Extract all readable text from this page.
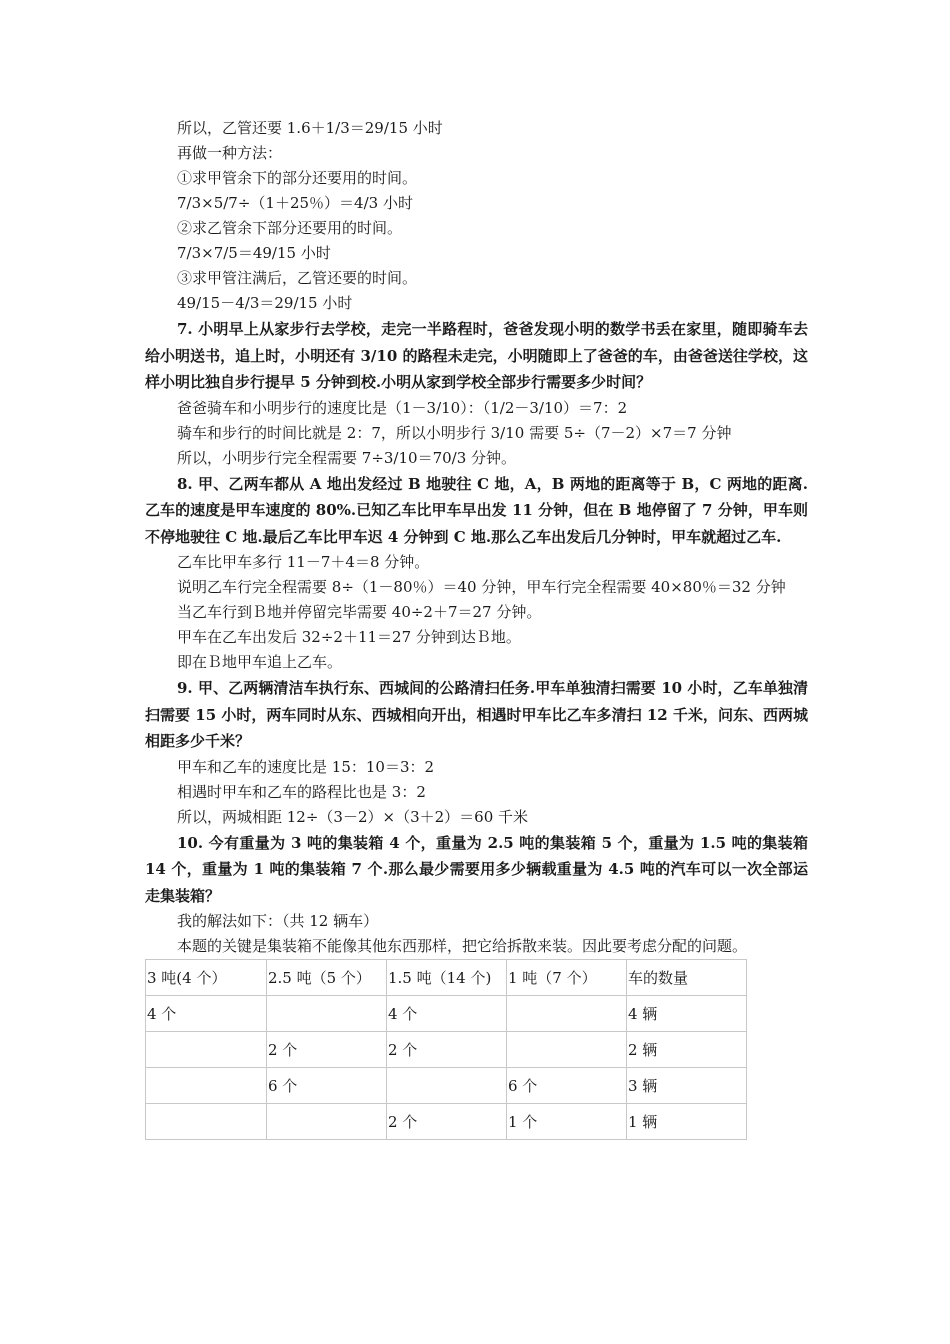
所以，乙管还要 1.6＋1/3＝29/15 小时
再做一种方法：
①求甲管余下的部分还要用的时间。
7/3×5/7÷（1＋25％）＝4/3 小时
②求乙管余下部分还要用的时间。
7/3×7/5＝49/15 小时
③求甲管注满后，乙管还要的时间。
49/15－4/3＝29/15 小时
7. 小明早上从家步行去学校，走完一半路程时，爸爸发现小明的数学书丢在家里，随即骑车去给小明送书，追上时，小明还有 3/10 的路程未走完，小明随即上了爸爸的车，由爸爸送往学校，这样小明比独自步行提早 5 分钟到校.小明从家到学校全部步行需要多少时间？
爸爸骑车和小明步行的速度比是（1－3/10）：（1/2－3/10）＝7：2
骑车和步行的时间比就是 2：7，所以小明步行 3/10 需要 5÷（7－2）×7＝7 分钟
所以，小明步行完全程需要 7÷3/10＝70/3 分钟。
8. 甲、乙两车都从 A 地出发经过 B 地驶往 C 地，A，B 两地的距离等于 B，C 两地的距离.乙车的速度是甲车速度的 80%.已知乙车比甲车早出发 11 分钟，但在 B 地停留了 7 分钟，甲车则不停地驶往 C 地.最后乙车比甲车迟 4 分钟到 C 地.那么乙车出发后几分钟时，甲车就超过乙车.
乙车比甲车多行 11－7＋4＝8 分钟。
说明乙车行完全程需要 8÷（1－80％）＝40 分钟，甲车行完全程需要 40×80％＝32 分钟
当乙车行到Ｂ地并停留完毕需要 40÷2＋7＝27 分钟。
甲车在乙车出发后 32÷2＋11＝27 分钟到达Ｂ地。
即在Ｂ地甲车追上乙车。
9. 甲、乙两辆清洁车执行东、西城间的公路清扫任务.甲车单独清扫需要 10 小时，乙车单独清扫需要 15 小时，两车同时从东、西城相向开出，相遇时甲车比乙车多清扫 12 千米，问东、西两城相距多少千米？
甲车和乙车的速度比是 15：10＝3：2
相遇时甲车和乙车的路程比也是 3：2
所以，两城相距 12÷（3－2）×（3＋2）＝60 千米
10. 今有重量为 3 吨的集装箱 4 个，重量为 2.5 吨的集装箱 5 个，重量为 1.5 吨的集装箱 14 个，重量为 1 吨的集装箱 7 个.那么最少需要用多少辆载重量为 4.5 吨的汽车可以一次全部运走集装箱？
我的解法如下：（共 12 辆车）
本题的关键是集装箱不能像其他东西那样，把它给拆散来装。因此要考虑分配的问题。
3 吨(4 个）	2.5 吨（5 个）	1.5 吨（14 个)	1 吨（7 个）	车的数量
4 个		4 个		4 辆
	2 个	2 个		2 辆
	6 个		6 个	3 辆
		2 个	1 个	1 辆
